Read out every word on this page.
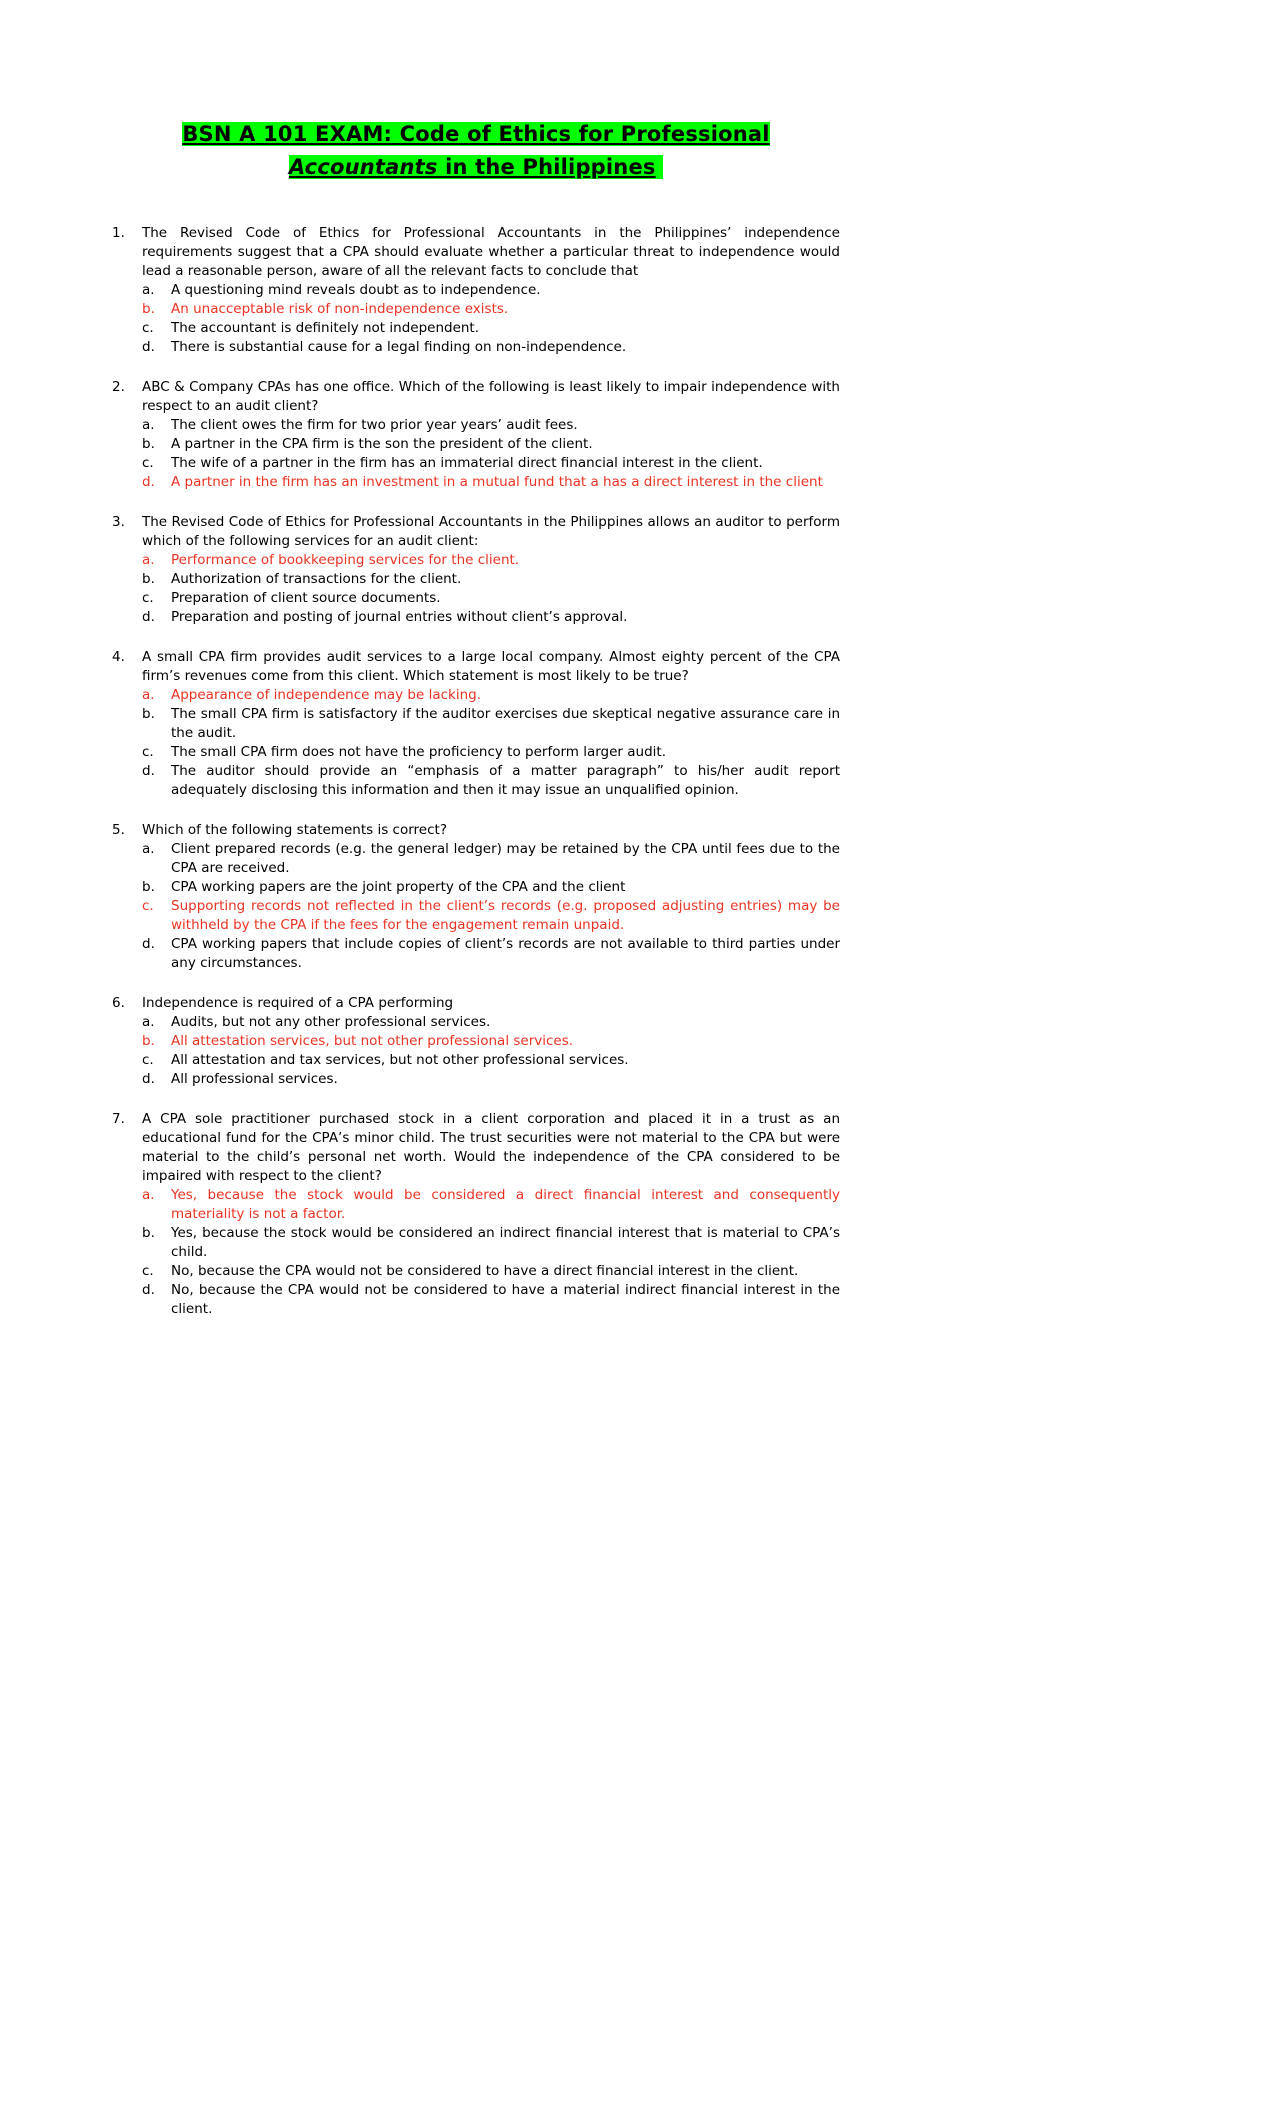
BSN A 101 EXAM: Code of Ethics for Professional
Accountants in the Philippines
1.	The Revised Code of Ethics for Professional Accountants in the Philippines’ independence requirements suggest that a CPA should evaluate whether a particular threat to independence would lead a reasonable person, aware of all the relevant facts to conclude that
a.	A questioning mind reveals doubt as to independence.
b.	An unacceptable risk of non-independence exists.
c.	The accountant is definitely not independent.
d.	There is substantial cause for a legal finding on non-independence.
2.	ABC & Company CPAs has one office. Which of the following is least likely to impair independence with respect to an audit client?
a.	The client owes the firm for two prior year years’ audit fees.
b.	A partner in the CPA firm is the son the president of the client.
c.	The wife of a partner in the firm has an immaterial direct financial interest in the client.
d.	A partner in the firm has an investment in a mutual fund that a has a direct interest in the client
3.	The Revised Code of Ethics for Professional Accountants in the Philippines allows an auditor to perform which of the following services for an audit client:
a.	Performance of bookkeeping services for the client.
b.	Authorization of transactions for the client.
c.	Preparation of client source documents.
d.	Preparation and posting of journal entries without client’s approval.
4.	A small CPA firm provides audit services to a large local company. Almost eighty percent of the CPA firm’s revenues come from this client. Which statement is most likely to be true?
a.	Appearance of independence may be lacking.
b.	The small CPA firm is satisfactory if the auditor exercises due skeptical negative assurance care in the audit.
c.	The small CPA firm does not have the proficiency to perform larger audit.
d.	The auditor should provide an “emphasis of a matter paragraph” to his/her audit report adequately disclosing this information and then it may issue an unqualified opinion.
5.	Which of the following statements is correct?
a.	Client prepared records (e.g. the general ledger) may be retained by the CPA until fees due to the CPA are received.
b.	CPA working papers are the joint property of the CPA and the client
c.	Supporting records not reflected in the client’s records (e.g. proposed adjusting entries) may be withheld by the CPA if the fees for the engagement remain unpaid.
d.	CPA working papers that include copies of client’s records are not available to third parties under any circumstances.
6.	Independence is required of a CPA performing
a.	Audits, but not any other professional services.
b.	All attestation services, but not other professional services.
c.	All attestation and tax services, but not other professional services.
d.	All professional services.
7.	A CPA sole practitioner purchased stock in a client corporation and placed it in a trust as an educational fund for the CPA’s minor child. The trust securities were not material to the CPA but were material to the child’s personal net worth. Would the independence of the CPA considered to be impaired with respect to the client?
a.	Yes, because the stock would be considered a direct financial interest and consequently materiality is not a factor.
b.	Yes, because the stock would be considered an indirect financial interest that is material to CPA’s child.
c.	No, because the CPA would not be considered to have a direct financial interest in the client.
d.	No, because the CPA would not be considered to have a material indirect financial interest in the client.
